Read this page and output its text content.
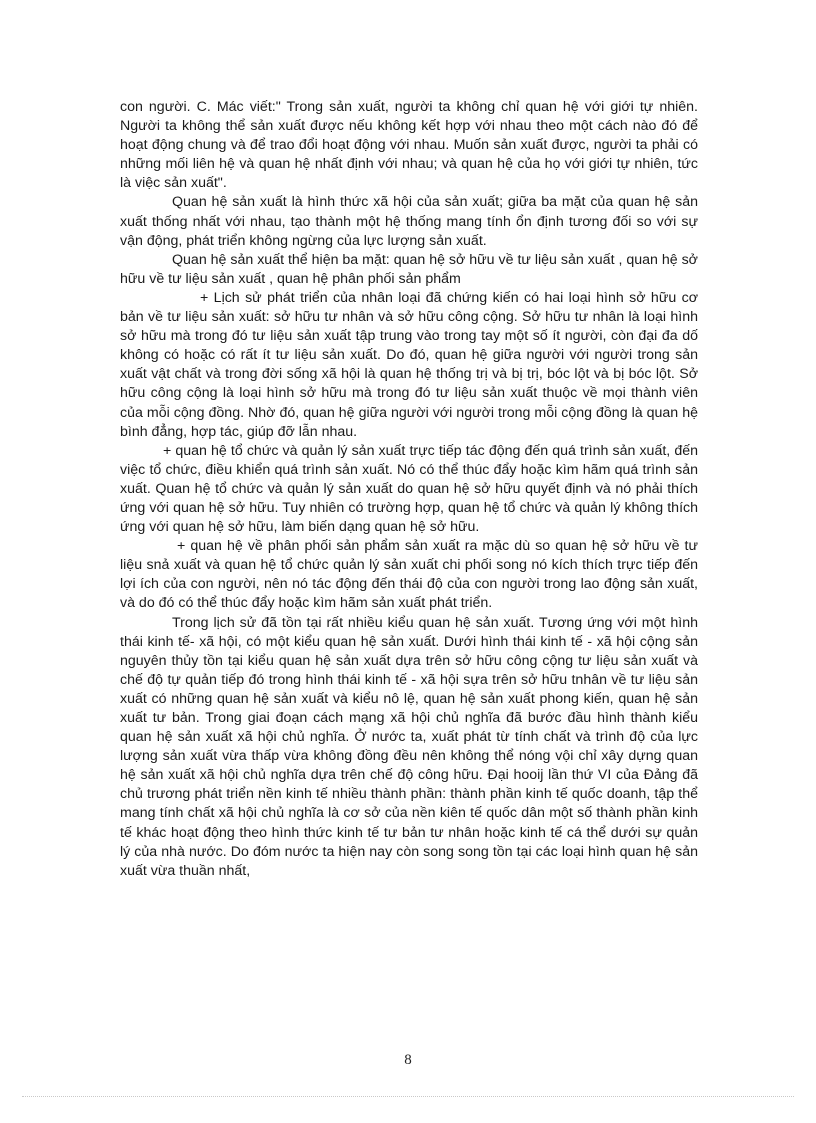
con người. C. Mác viết:" Trong sản xuất, người ta không chỉ quan hệ với giới tự nhiên. Người ta không thể sản xuất được nếu không kết hợp với nhau theo một cách nào đó để hoạt động chung và để trao đổi hoạt động với nhau. Muốn sản xuất được, người ta phải có những mối liên hệ và quan hệ nhất định với nhau; và quan hệ của họ với giới tự nhiên, tức là việc sản xuất".

Quan hệ sản xuất là hình thức xã hội của sản xuất; giữa ba mặt của quan hệ sản xuất thống nhất với nhau, tạo thành một hệ thống mang tính ổn định tương đối so với sự vận động, phát triển không ngừng của lực lượng sản xuất.

Quan hệ sản xuất thể hiện ba mặt: quan hệ sở hữu về tư liệu sản xuất , quan hệ sở hữu về tư liệu sản xuất , quan hệ phân phối sản phẩm

+ Lịch sử phát triển của nhân loại đã chứng kiến có hai loại hình sở hữu cơ bản về tư liệu sản xuất: sở hữu tư nhân và sở hữu công cộng. Sở hữu tư nhân là loại hình sở hữu mà trong đó tư liệu sản xuất tập trung vào trong tay một số ít người, còn đại đa dố không có hoặc có rất ít tư liệu sản xuất. Do đó, quan hệ giữa người với người trong sản xuất vật chất và trong đời sống xã hội là quan hệ thống trị và bị trị, bóc lột và bị bóc lột. Sở hữu công cộng là loại hình sở hữu mà trong đó tư liệu sản xuất thuộc về mọi thành viên của mỗi cộng đồng. Nhờ đó, quan hệ giữa người với người trong mỗi cộng đồng là quan hệ bình đẳng, hợp tác, giúp đỡ lẫn nhau.

+ quan hệ tổ chức và quản lý sản xuất trực tiếp tác động đến quá trình sản xuất, đến việc tổ chức, điều khiển quá trình sản xuất. Nó có thể thúc đẩy hoặc kìm hãm quá trình sản xuất. Quan hệ tổ chức và quản lý sản xuất do quan hệ sở hữu quyết định và nó phải thích ứng với quan hệ sở hữu. Tuy nhiên có trường hợp, quan hệ tổ chức và quản lý không thích ứng với quan hệ sở hữu, làm biến dạng quan hệ sở hữu.

+ quan hệ về phân phối sản phẩm sản xuất ra mặc dù so quan hệ sở hữu về tư liệu snả xuất và quan hệ tổ chức quản lý sản xuất chi phối song nó kích thích trực tiếp đến lợi ích của con người, nên nó tác động đến thái độ của con người trong lao động sản xuất, và do đó có thể thúc đẩy hoặc kìm hãm sản xuất phát triển.

Trong lịch sử đã tồn tại rất nhiều kiểu quan hệ sản xuất. Tương ứng với một hình thái kinh tế- xã hội, có một kiểu quan hệ sản xuất. Dưới hình thái kinh tế - xã hội cộng sản nguyên thủy tồn tại kiểu quan hệ sản xuất dựa trên sở hữu công cộng tư liệu sản xuất và chế độ tự quản tiếp đó trong hình thái kinh tế - xã hội sựa trên sở hữu tnhân về tư liệu sản xuất có những quan hệ sản xuất và kiểu nô lệ, quan hệ sản xuất phong kiến, quan hệ sản xuất tư bản. Trong giai đoạn cách mạng xã hội chủ nghĩa đã bước đầu hình thành kiểu quan hệ sản xuất xã hội chủ nghĩa. Ở nước ta, xuất phát từ tính chất và trình độ của lực lượng sản xuất vừa thấp vừa không đồng đều nên không thể nóng vội chỉ xây dựng quan hệ sản xuất xã hội chủ nghĩa dựa trên chế độ công hữu. Đại hooij lần thứ VI của Đảng đã chủ trương phát triển nền kinh tế nhiều thành phần: thành phần kinh tế quốc doanh, tập thể mang tính chất xã hội chủ nghĩa là cơ sở của nền kiên tế quốc dân một số thành phần kinh tế khác hoạt động theo hình thức kinh tế tư bản tư nhân hoặc kinh tế cá thể dưới sự quản lý của nhà nước. Do đóm nước ta hiện nay còn song song tồn tại các loại hình quan hệ sản xuất vừa thuần nhất,

8
